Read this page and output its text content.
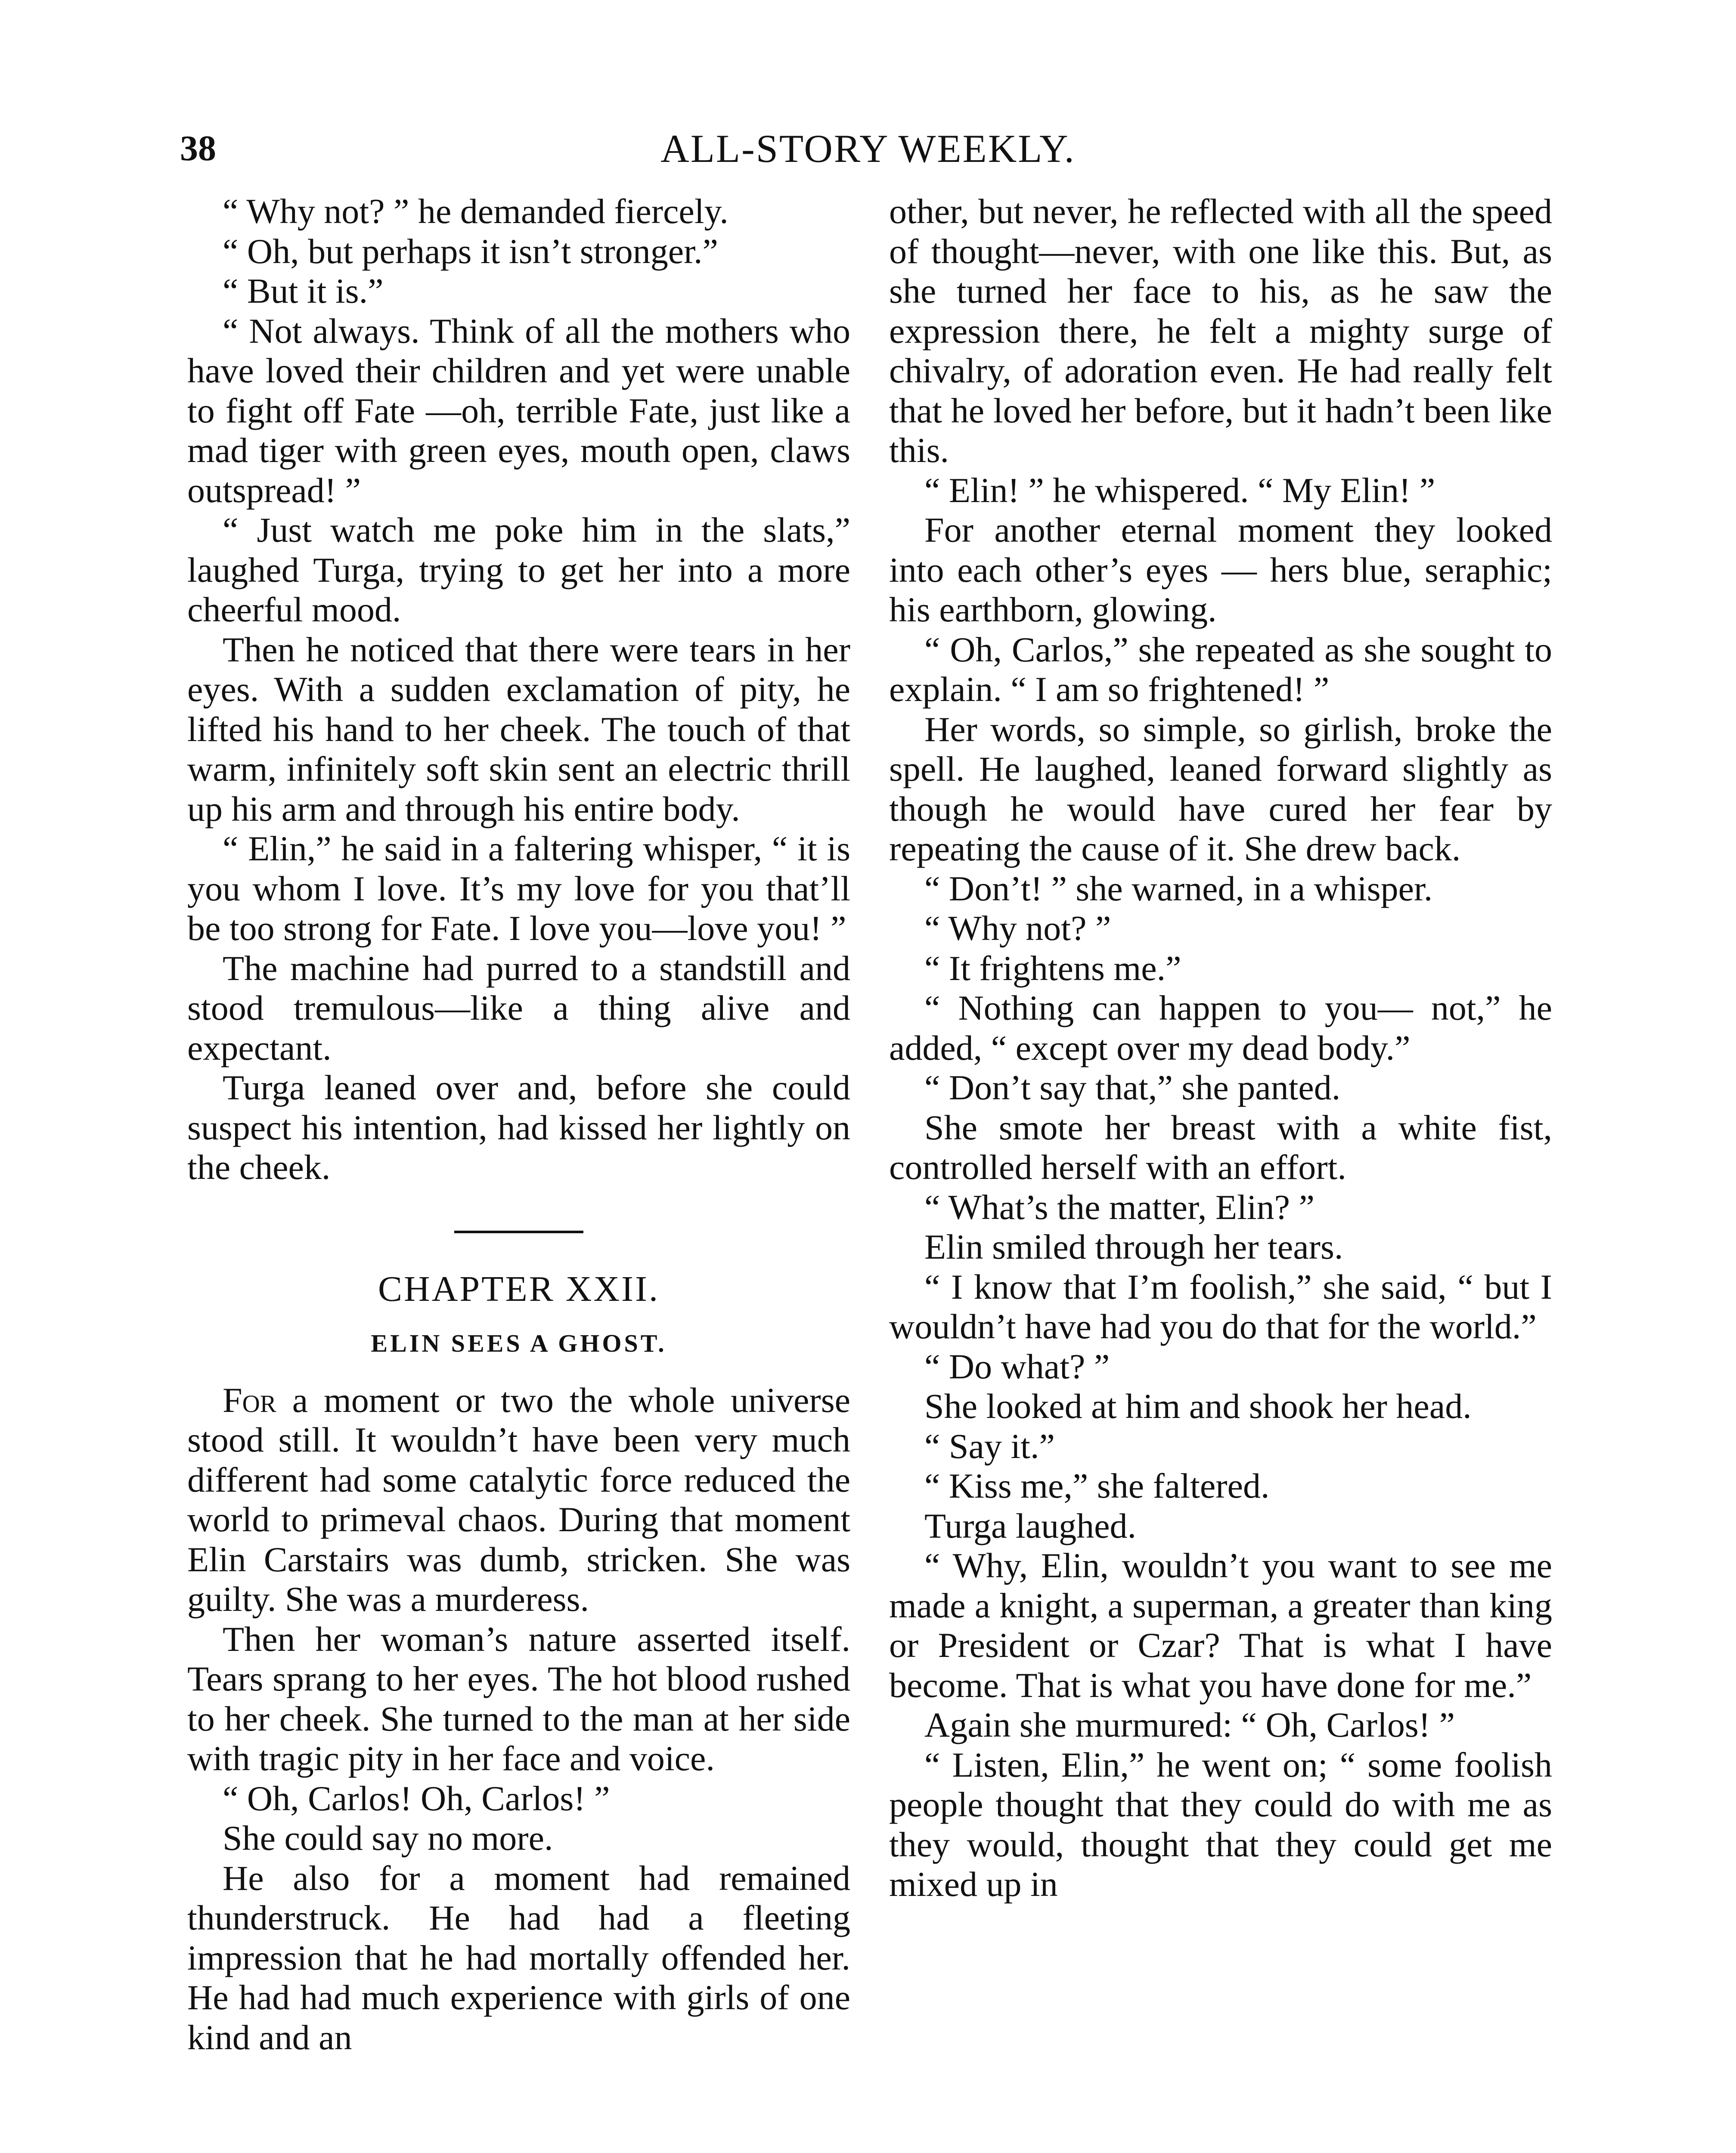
38	ALL-STORY WEEKLY.

“ Why not? ” he demanded fiercely.

“ Oh, but perhaps it isn’t stronger.”

“ But it is.”

“ Not always. Think of all the mothers who have loved their children and yet were unable to fight off Fate —oh, terrible Fate, just like a mad tiger with green eyes, mouth open, claws outspread! ”

“ Just watch me poke him in the slats,” laughed Turga, trying to get her into a more cheerful mood.

Then he noticed that there were tears in her eyes. With a sudden exclamation of pity, he lifted his hand to her cheek. The touch of that warm, infinitely soft skin sent an electric thrill up his arm and through his entire body.

“ Elin,” he said in a faltering whisper, “ it is you whom I love. It’s my love for you that’ll be too strong for Fate. I love you—love you! ”

The machine had purred to a standstill and stood tremulous—like a thing alive and expectant.

Turga leaned over and, before she could suspect his intention, had kissed her lightly on the cheek.

CHAPTER XXII.
ELIN SEES A GHOST.

For a moment or two the whole universe stood still. It wouldn’t have been very much different had some catalytic force reduced the world to primeval chaos. During that moment Elin Carstairs was dumb, stricken. She was guilty. She was a murderess.

Then her woman’s nature asserted itself. Tears sprang to her eyes. The hot blood rushed to her cheek. She turned to the man at her side with tragic pity in her face and voice.

“ Oh, Carlos! Oh, Carlos! ”

She could say no more.

He also for a moment had remained thunderstruck. He had had a fleeting impression that he had mortally offended her. He had had much experience with girls of one kind and an

other, but never, he reflected with all the speed of thought—never, with one like this. But, as she turned her face to his, as he saw the expression there, he felt a mighty surge of chivalry, of adoration even. He had really felt that he loved her before, but it hadn’t been like this.

“ Elin! ” he whispered. “ My Elin! ”

For another eternal moment they looked into each other’s eyes — hers blue, seraphic; his earthborn, glowing.

“ Oh, Carlos,” she repeated as she sought to explain. “ I am so frightened! ”

Her words, so simple, so girlish, broke the spell. He laughed, leaned forward slightly as though he would have cured her fear by repeating the cause of it. She drew back.

“ Don’t! ” she warned, in a whisper.

“ Why not? ”

“ It frightens me.”

“ Nothing can happen to you— not,” he added, “ except over my dead body.”

“ Don’t say that,” she panted.

She smote her breast with a white fist, controlled herself with an effort.

“ What’s the matter, Elin? ”

Elin smiled through her tears.

“ I know that I’m foolish,” she said, “ but I wouldn’t have had you do that for the world.”

“ Do what? ”

She looked at him and shook her head.

“ Say it.”

“ Kiss me,” she faltered.

Turga laughed.

“ Why, Elin, wouldn’t you want to see me made a knight, a superman, a greater than king or President or Czar? That is what I have become. That is what you have done for me.”

Again she murmured: “ Oh, Carlos! ”

“ Listen, Elin,” he went on; “ some foolish people thought that they could do with me as they would, thought that they could get me mixed up in
